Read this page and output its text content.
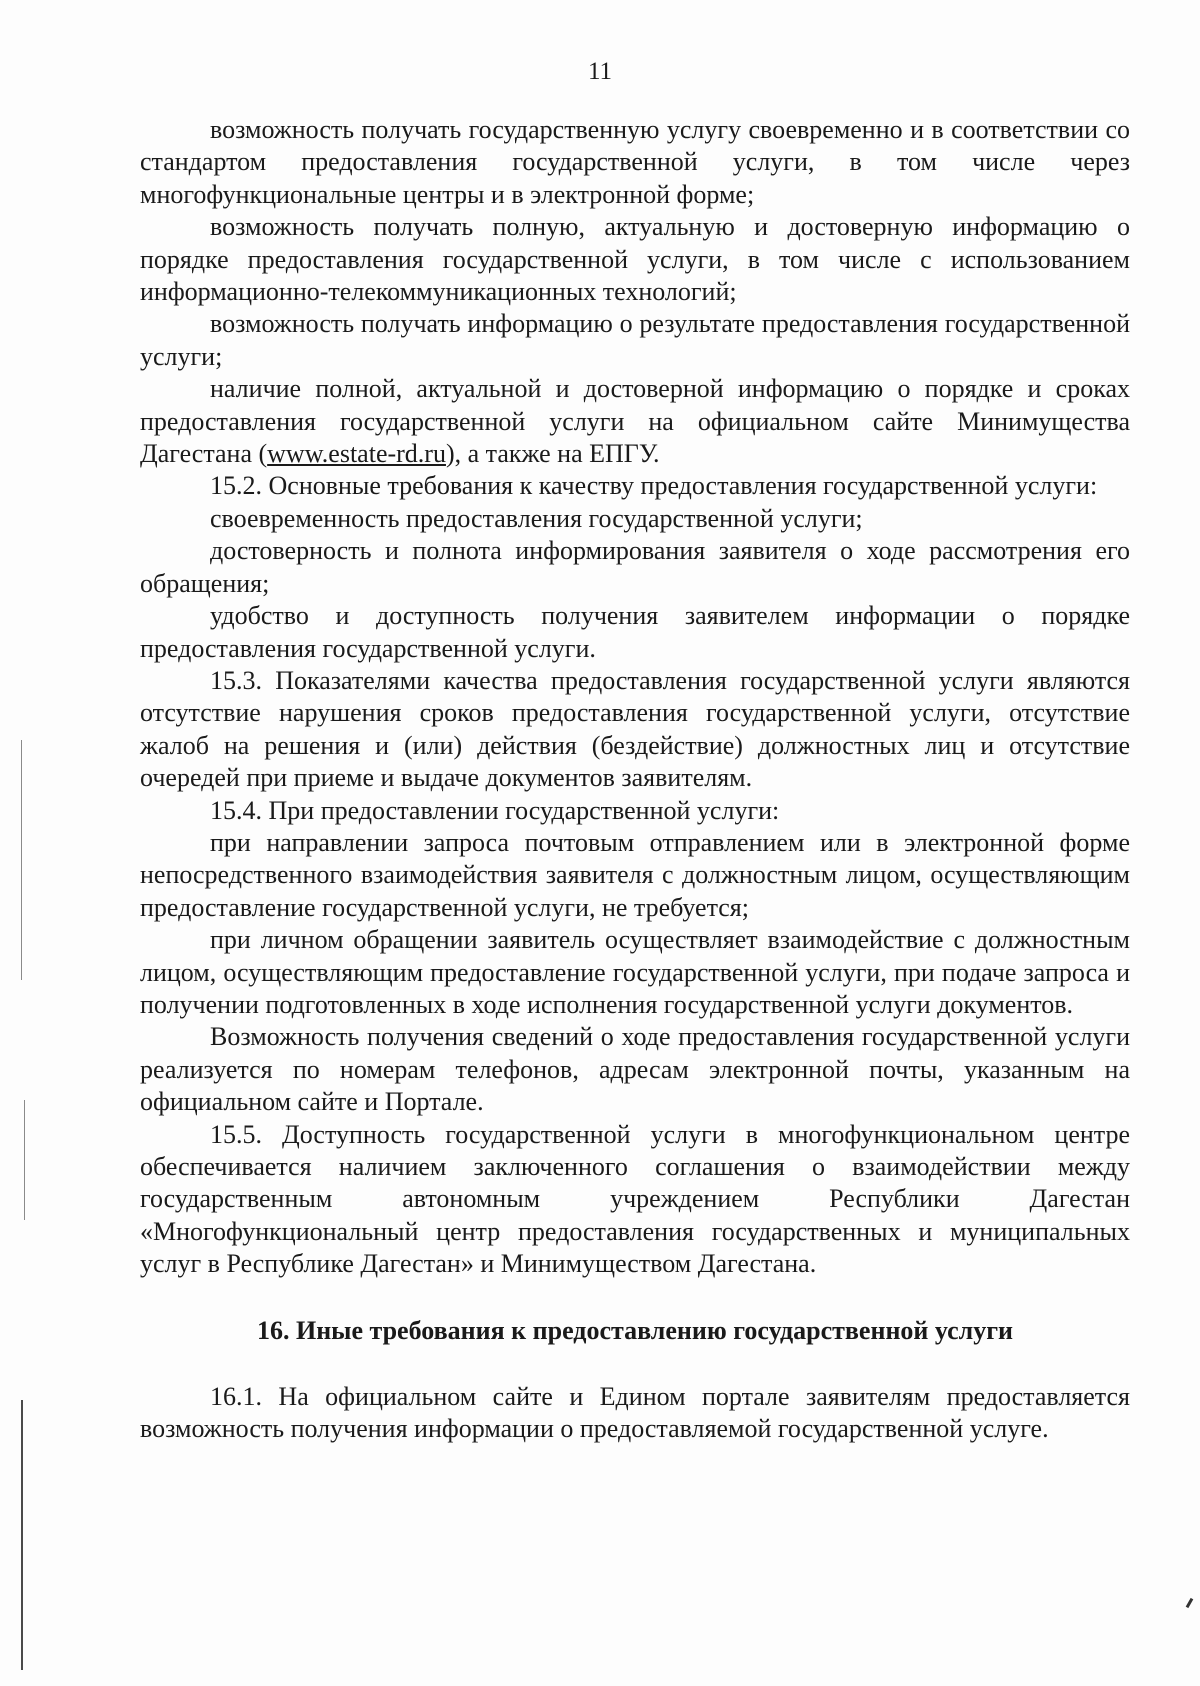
11

возможность получать государственную услугу своевременно и в соответствии со стандартом предоставления государственной услуги, в том числе через многофункциональные центры и в электронной форме;

возможность получать полную, актуальную и достоверную информацию о порядке предоставления государственной услуги, в том числе с использованием информационно-телекоммуникационных технологий;

возможность получать информацию о результате предоставления государственной услуги;

наличие полной, актуальной и достоверной информацию о порядке и сроках предоставления государственной услуги на официальном сайте Минимущества Дагестана (www.estate-rd.ru), а также на ЕПГУ.

15.2. Основные требования к качеству предоставления государственной услуги:

своевременность предоставления государственной услуги;

достоверность и полнота информирования заявителя о ходе рассмотрения его обращения;

удобство и доступность получения заявителем информации о порядке предоставления государственной услуги.

15.3. Показателями качества предоставления государственной услуги являются отсутствие нарушения сроков предоставления государственной услуги, отсутствие жалоб на решения и (или) действия (бездействие) должностных лиц и отсутствие очередей при приеме и выдаче документов заявителям.

15.4. При предоставлении государственной услуги:

при направлении запроса почтовым отправлением или в электронной форме непосредственного взаимодействия заявителя с должностным лицом, осуществляющим предоставление государственной услуги, не требуется;

при личном обращении заявитель осуществляет взаимодействие с должностным лицом, осуществляющим предоставление государственной услуги, при подаче запроса и получении подготовленных в ходе исполнения государственной услуги документов.

Возможность получения сведений о ходе предоставления государственной услуги реализуется по номерам телефонов, адресам электронной почты, указанным на официальном сайте и Портале.

15.5. Доступность государственной услуги в многофункциональном центре обеспечивается наличием заключенного соглашения о взаимодействии между государственным автономным учреждением Республики Дагестан «Многофункциональный центр предоставления государственных и муниципальных услуг в Республике Дагестан» и Минимуществом Дагестана.

16. Иные требования к предоставлению государственной услуги

16.1. На официальном сайте и Едином портале заявителям предоставляется возможность получения информации о предоставляемой государственной услуге.
